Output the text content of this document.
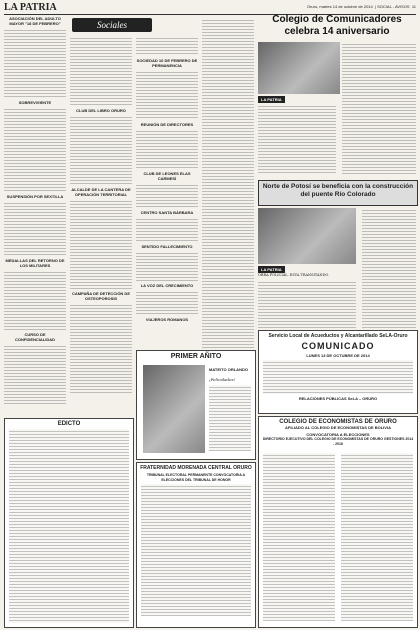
LA PATRIA	Oruro, martes 14 de octubre de 2014  | SOCIAL - AVISOS 11
ASOCIACIÓN DEL ADULTO MAYOR "18 DE FEBRERO"
SOBREVIVIENTE
SUSPENSIÓN POR SEXTILLA
MEDALLAS DEL RETORNO DE LOS MILITARES
CURSO DE CONFIDENCIALIDAD
Sociales
CLUB DEL LIBRO ORURO
ALCALDE DE LA CANTERA DE OPERACIÓN TERRITORIAL
CAMPAÑA DE DETECCIÓN DE OSTEOPOROSIS
SOCIEDAD 10 DE FEBRERO DE PERMANENCIA
REUNIÓN DE DIRECTORES
CLUB DE LEONES ELAS CARMESÍ
CENTRO SANTA BÁRBARA
SENTIDO FALLECIMIENTO
LA VOZ DEL CRECIMIENTO
VIAJEROS ROMANOS
PRIMER AÑITO
MATEITO ORLANDO
¡Felicidades!
Colegio de Comunicadores celebra 14 aniversario
LA PATRIA
Norte de Potosí se beneficia con la construcción del puente Río Colorado
LA PATRIA
OBRA POLICIAL. ESTA TRANSITANDO.
Servicio Local de Acueductos y Alcantarillado SeLA-Oruro
COMUNICADO
LUNES 13 DE OCTUBRE DE 2014
RELACIONES PÚBLICAS SeLA – ORURO
EDICTO
FRATERNIDAD MORENADA CENTRAL ORURO
TRIBUNAL ELECTORAL PERMANENTE CONVOCATORIA A ELECCIONES DEL TRIBUNAL DE HONOR
COLEGIO DE ECONOMISTAS DE ORURO
AFILIADO AL COLEGIO DE ECONOMISTAS DE BOLIVIA
CONVOCATORIA A ELECCIONES
DIRECTORIO EJECUTIVO DEL COLEGIO DE ECONOMISTAS DE ORURO GESTIONES 2014 - 2016
